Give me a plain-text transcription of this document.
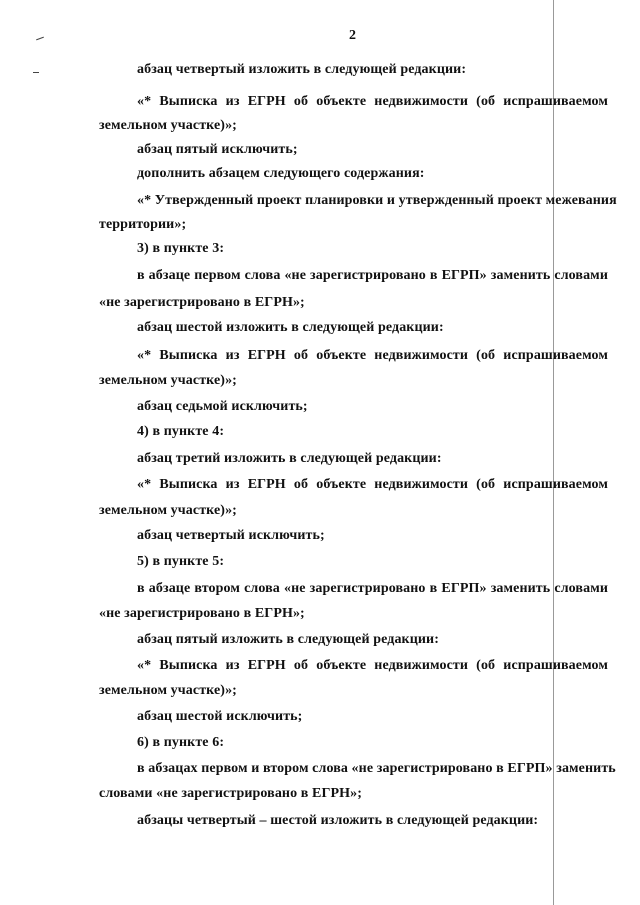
2
абзац четвертый изложить в следующей редакции:
«* Выписка из ЕГРН об объекте недвижимости (об испрашиваемом
земельном участке)»;
абзац пятый исключить;
дополнить абзацем следующего содержания:
«* Утвержденный проект планировки и утвержденный проект межевания
территории»;
3) в пункте 3:
в абзаце первом слова «не зарегистрировано в ЕГРП» заменить словами
«не зарегистрировано в ЕГРН»;
абзац шестой изложить в следующей редакции:
«* Выписка из ЕГРН об объекте недвижимости (об испрашиваемом
земельном участке)»;
абзац седьмой исключить;
4) в пункте 4:
абзац третий изложить в следующей редакции:
«* Выписка из ЕГРН об объекте недвижимости (об испрашиваемом
земельном участке)»;
абзац четвертый исключить;
5) в пункте 5:
в абзаце втором слова «не зарегистрировано в ЕГРП» заменить словами
«не зарегистрировано в ЕГРН»;
абзац пятый изложить в следующей редакции:
«* Выписка из ЕГРН об объекте недвижимости (об испрашиваемом
земельном участке)»;
абзац шестой исключить;
6) в пункте 6:
в абзацах первом и втором слова «не зарегистрировано в ЕГРП» заменить
словами «не зарегистрировано в ЕГРН»;
абзацы четвертый – шестой изложить в следующей редакции:
